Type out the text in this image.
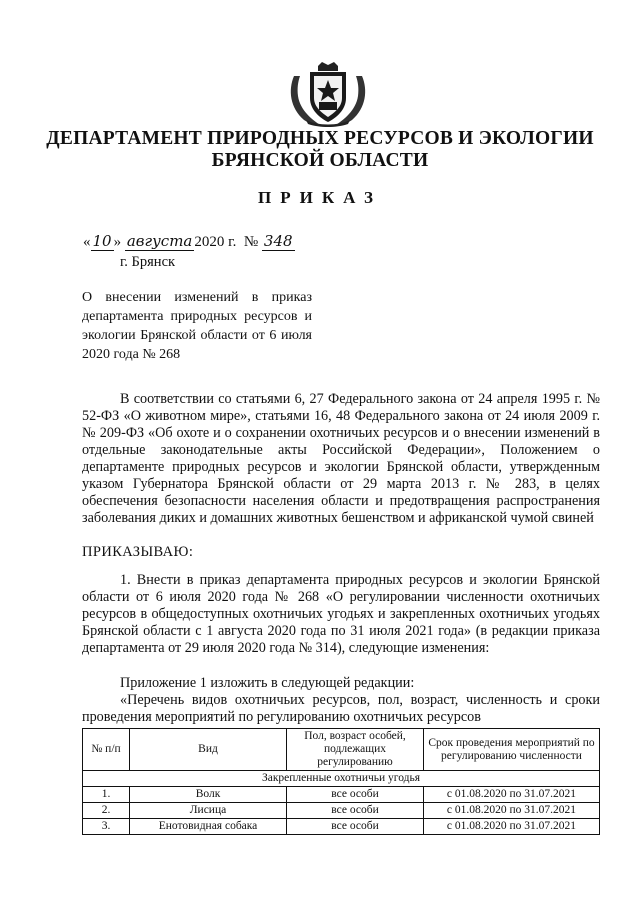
ДЕПАРТАМЕНТ ПРИРОДНЫХ РЕСУРСОВ И ЭКОЛОГИИ
БРЯНСКОЙ ОБЛАСТИ
ПРИКАЗ
« 10 » августа 2020 г. № 348
г. Брянск
О внесении изменений в приказ департамента природных ресурсов и экологии Брянской области от 6 июля 2020 года № 268
В соответствии со статьями 6, 27 Федерального закона от 24 апреля 1995 г. № 52-ФЗ «О животном мире», статьями 16, 48 Федерального закона от 24 июля 2009 г. № 209-ФЗ «Об охоте и о сохранении охотничьих ресурсов и о внесении изменений в отдельные законодательные акты Российской Федерации», Положением о департаменте природных ресурсов и экологии Брянской области, утвержденным указом Губернатора Брянской области от 29 марта 2013 г. № 283, в целях обеспечения безопасности населения области и предотвращения распространения заболевания диких и домашних животных бешенством и африканской чумой свиней
ПРИКАЗЫВАЮ:
1. Внести в приказ департамента природных ресурсов и экологии Брянской области от 6 июля 2020 года № 268 «О регулировании численности охотничьих ресурсов в общедоступных охотничьих угодьях и закрепленных охотничьих угодьях Брянской области с 1 августа 2020 года по 31 июля 2021 года» (в редакции приказа департамента от 29 июля 2020 года № 314), следующие изменения:
Приложение 1 изложить в следующей редакции:
«Перечень видов охотничьих ресурсов, пол, возраст, численность и сроки проведения мероприятий по регулированию охотничьих ресурсов
№ п/п	Вид	Пол, возраст особей, подлежащих регулированию	Срок проведения мероприятий по регулированию численности
Закрепленные охотничьи угодья			
1.	Волк	все особи	с 01.08.2020 по 31.07.2021
2.	Лисица	все особи	с 01.08.2020 по 31.07.2021
3.	Енотовидная собака	все особи	с 01.08.2020 по 31.07.2021
